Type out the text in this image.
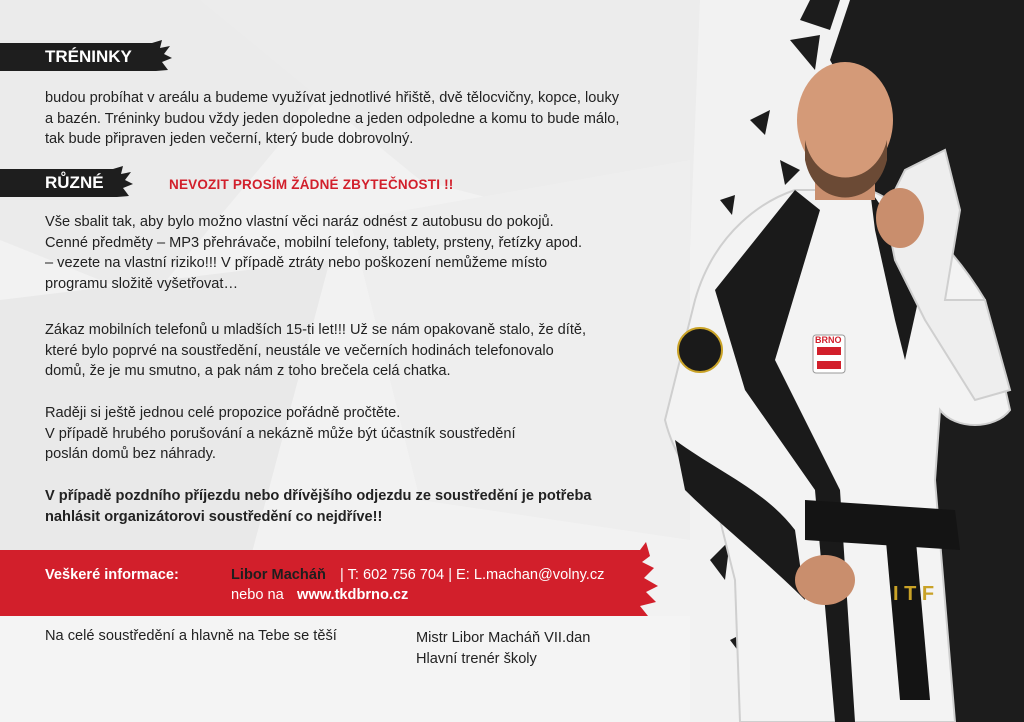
I T F
BRNO
TRÉNINKY

budou probíhat v areálu a budeme využívat jednotlivé hřiště, dvě tělocvičny, kopce, louky
a bazén. Tréninky budou vždy jeden dopoledne a jeden odpoledne a komu to bude málo,
tak bude připraven jeden večerní, který bude dobrovolný.

RŮZNÉ	NEVOZIT PROSÍM ŽÁDNÉ ZBYTEČNOSTI !!

Vše sbalit tak, aby bylo možno vlastní věci naráz odnést z autobusu do pokojů.
Cenné předměty – MP3 přehrávače, mobilní telefony, tablety, prsteny, řetízky apod.
– vezete na vlastní riziko!!! V případě ztráty nebo poškození nemůžeme místo
programu složitě vyšetřovat…

Zákaz mobilních telefonů u mladších 15-ti let!!! Už se nám opakovaně stalo, že dítě,
které bylo poprvé na soustředění, neustále ve večerních hodinách telefonovalo
domů, že je mu smutno, a pak nám z toho brečela celá chatka.

Raději si ještě jednou celé propozice pořádně pročtěte.
V případě hrubého porušování a nekázně může být účastník soustředění
poslán domů bez náhrady.

V případě pozdního příjezdu nebo dřívějšího odjezdu ze soustředění je potřeba
nahlásit organizátorovi soustředění co nejdříve!!

Veškeré informace:	Libor Macháň | T: 602 756 704 | E: L.machan@volny.cz
nebo na www.tkdbrno.cz
Na celé soustředění a hlavně na Tebe se těší	Mistr Libor Macháň VII.dan
Hlavní trenér školy
